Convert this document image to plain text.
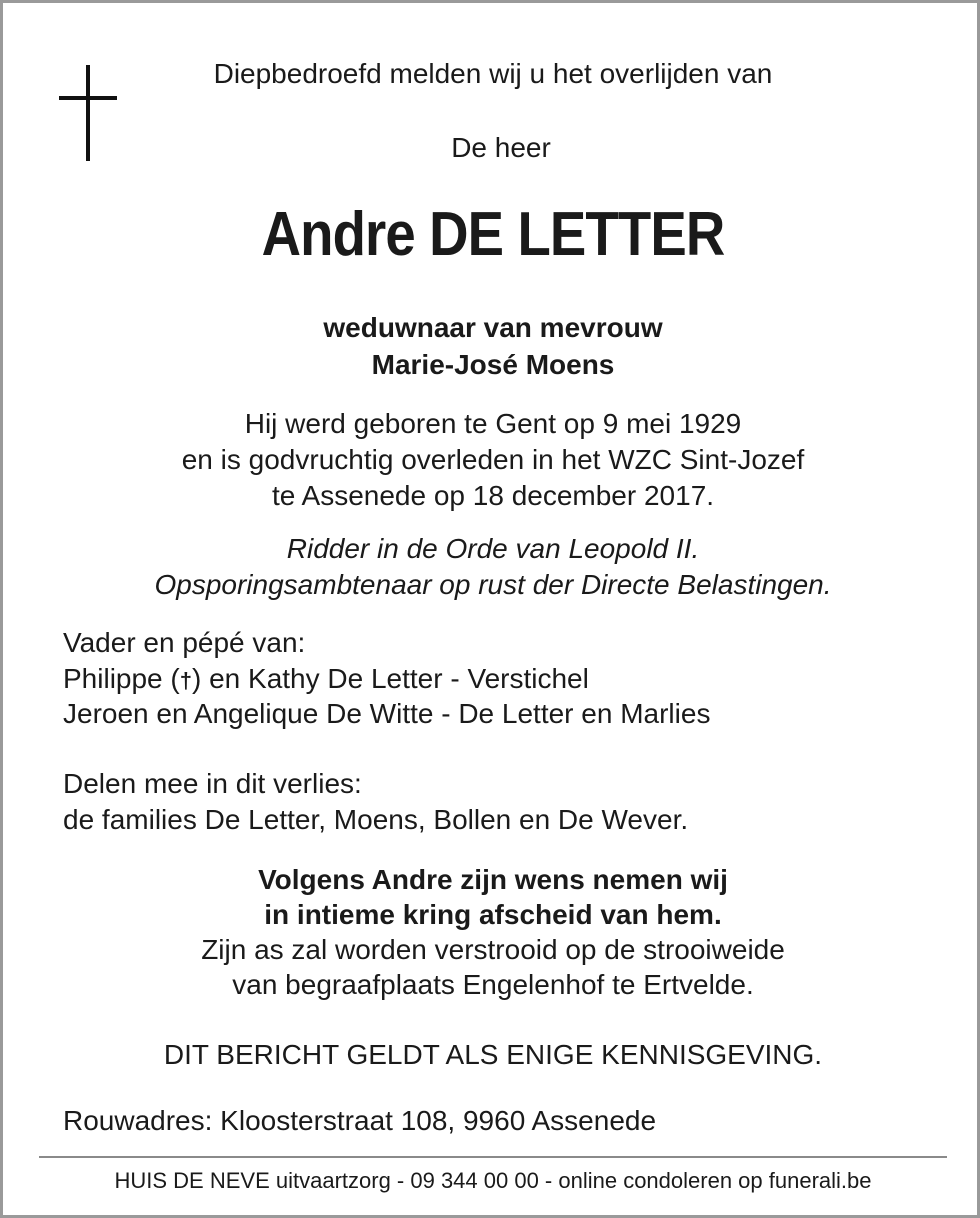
Diepbedroefd melden wij u het overlijden van
De heer
Andre DE LETTER
weduwnaar van mevrouw
Marie-José Moens
Hij werd geboren te Gent op 9 mei 1929
en is godvruchtig overleden in het WZC Sint-Jozef
te Assenede op 18 december 2017.
Ridder in de Orde van Leopold II.
Opsporingsambtenaar op rust der Directe Belastingen.
Vader en pépé van:
Philippe (†) en Kathy De Letter - Verstichel
Jeroen en Angelique De Witte - De Letter en Marlies
Delen mee in dit verlies:
de families De Letter, Moens, Bollen en De Wever.
Volgens Andre zijn wens nemen wij
in intieme kring afscheid van hem.
Zijn as zal worden verstrooid op de strooiweide
van begraafplaats Engelenhof te Ertvelde.
DIT BERICHT GELDT ALS ENIGE KENNISGEVING.
Rouwadres: Kloosterstraat 108, 9960 Assenede
HUIS DE NEVE uitvaartzorg - 09 344 00 00 - online condoleren op funerali.be
